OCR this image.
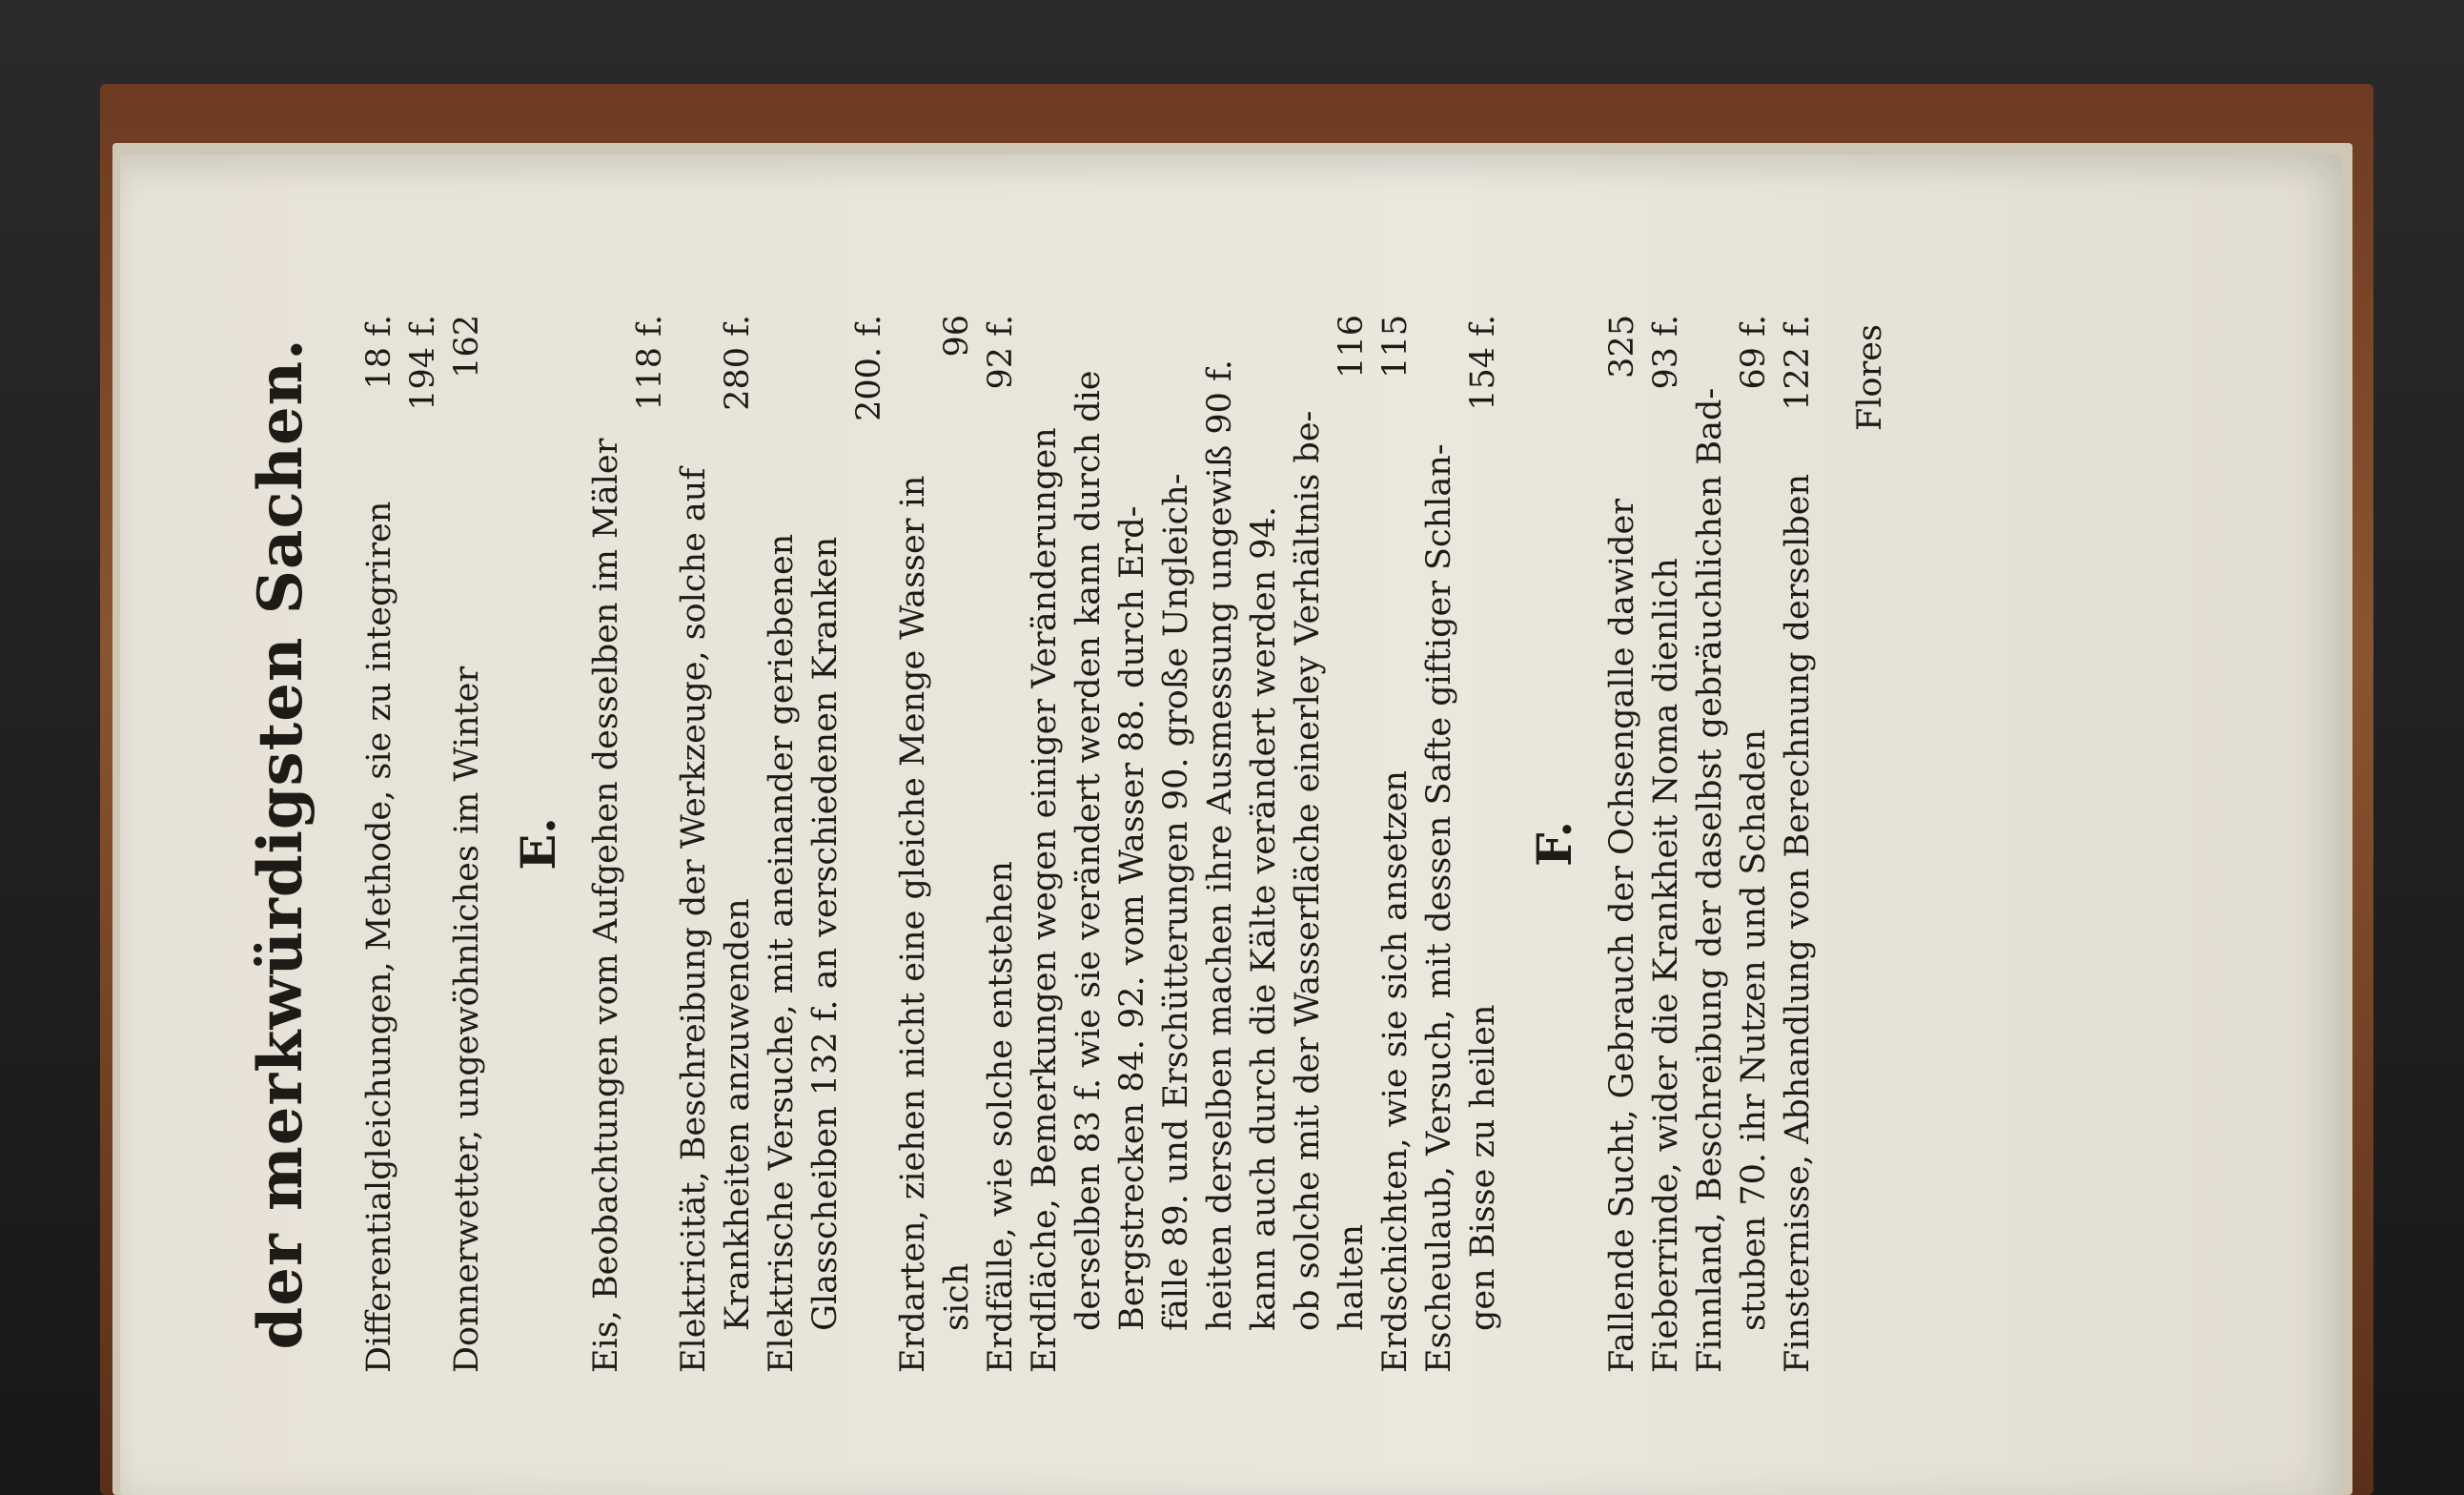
der merkwürdigsten Sachen. Differentialgleichungen, Methode, sie zu integriren
18 f. 194 f.
Donnerwetter, ungewöhnliches im Winter
162
E. Eis, Beobachtungen vom Aufgehen desselben im Mäler
118 f.
Elektricität, Beschreibung der Werkzeuge, solche auf Krankheiten anzuwenden
280 f.
Elektrische Versuche, mit aneinander geriebenen Glasscheiben 132 f. an verschiedenen Kranken
200. f.
Erdarten, ziehen nicht eine gleiche Menge Wasser in sich
96
Erdfälle, wie solche entstehen
92 f.
Erdfläche, Bemerkungen wegen einiger Veränderungen derselben 83 f. wie sie verändert werden kann durch die Bergstrecken 84. 92. vom Wasser 88. durch Erd- fälle 89. und Erschütterungen 90. große Ungleich- heiten derselben machen ihre Ausmessung ungewiß 90 f. kann auch durch die Kälte verändert werden 94. ob solche mit der Wasserfläche einerley Verhältnis be- halten
116
Erdschichten, wie sie sich ansetzen
115
Escheulaub, Versuch, mit dessen Safte giftiger Schlan- gen Bisse zu heilen
154 f.
F. Fallende Sucht, Gebrauch der Ochsengalle dawider
325
Fieberrinde, wider die Krankheit Noma dienlich
93 f.
Finnland, Beschreibung der daselbst gebräuchlichen Bad- stuben 70. ihr Nutzen und Schaden
69 f.
Finsternisse, Abhandlung von Berechnung derselben
122 f. Flores
